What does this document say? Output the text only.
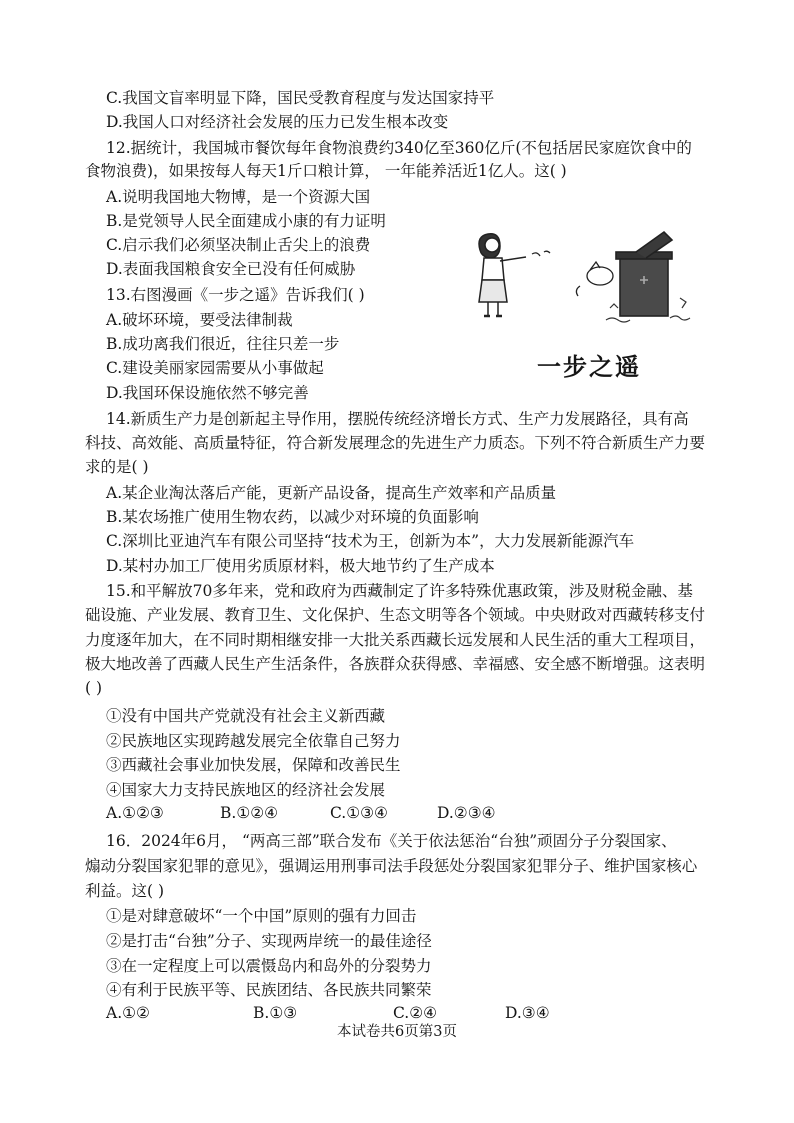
C.我国文盲率明显下降，国民受教育程度与发达国家持平
D.我国人口对经济社会发展的压力已发生根本改变
12.据统计，我国城市餐饮每年食物浪费约340亿至360亿斤(不包括居民家庭饮食中的
食物浪费)，如果按每人每天1斤口粮计算， 一年能养活近1亿人。这( )
A.说明我国地大物博，是一个资源大国
B.是党领导人民全面建成小康的有力证明
C.启示我们必须坚决制止舌尖上的浪费
D.表面我国粮食安全已没有任何威胁
13.右图漫画《一步之遥》告诉我们( )
A.破坏环境，要受法律制裁
B.成功离我们很近，往往只差一步
C.建设美丽家园需要从小事做起
D.我国环保设施依然不够完善
一步之遥
14.新质生产力是创新起主导作用，摆脱传统经济增长方式、生产力发展路径，具有高
科技、高效能、高质量特征，符合新发展理念的先进生产力质态。下列不符合新质生产力要
求的是( )
A.某企业淘汰落后产能，更新产品设备，提高生产效率和产品质量
B.某农场推广使用生物农药，以减少对环境的负面影响
C.深圳比亚迪汽车有限公司坚持“技术为王，创新为本”，大力发展新能源汽车
D.某村办加工厂使用劣质原材料，极大地节约了生产成本
15.和平解放70多年来，党和政府为西藏制定了许多特殊优惠政策，涉及财税金融、基
础设施、产业发展、教育卫生、文化保护、生态文明等各个领域。中央财政对西藏转移支付
力度逐年加大，在不同时期相继安排一大批关系西藏长远发展和人民生活的重大工程项目，
极大地改善了西藏人民生产生活条件，各族群众获得感、幸福感、安全感不断增强。这表明
( )
①没有中国共产党就没有社会主义新西藏
②民族地区实现跨越发展完全依靠自己努力
③西藏社会事业加快发展，保障和改善民生
④国家大力支持民族地区的经济社会发展
A.①②③	B.①②④	C.①③④	D.②③④
16．2024年6月， “两高三部”联合发布《关于依法惩治“台独”顽固分子分裂国家、
煽动分裂国家犯罪的意见》，强调运用刑事司法手段惩处分裂国家犯罪分子、维护国家核心
利益。这( )
①是对肆意破坏“一个中国”原则的强有力回击
②是打击“台独”分子、实现两岸统一的最佳途径
③在一定程度上可以震慑岛内和岛外的分裂势力
④有利于民族平等、民族团结、各民族共同繁荣
A.①②	B.①③	C.②④	D.③④
本试卷共6页第3页
